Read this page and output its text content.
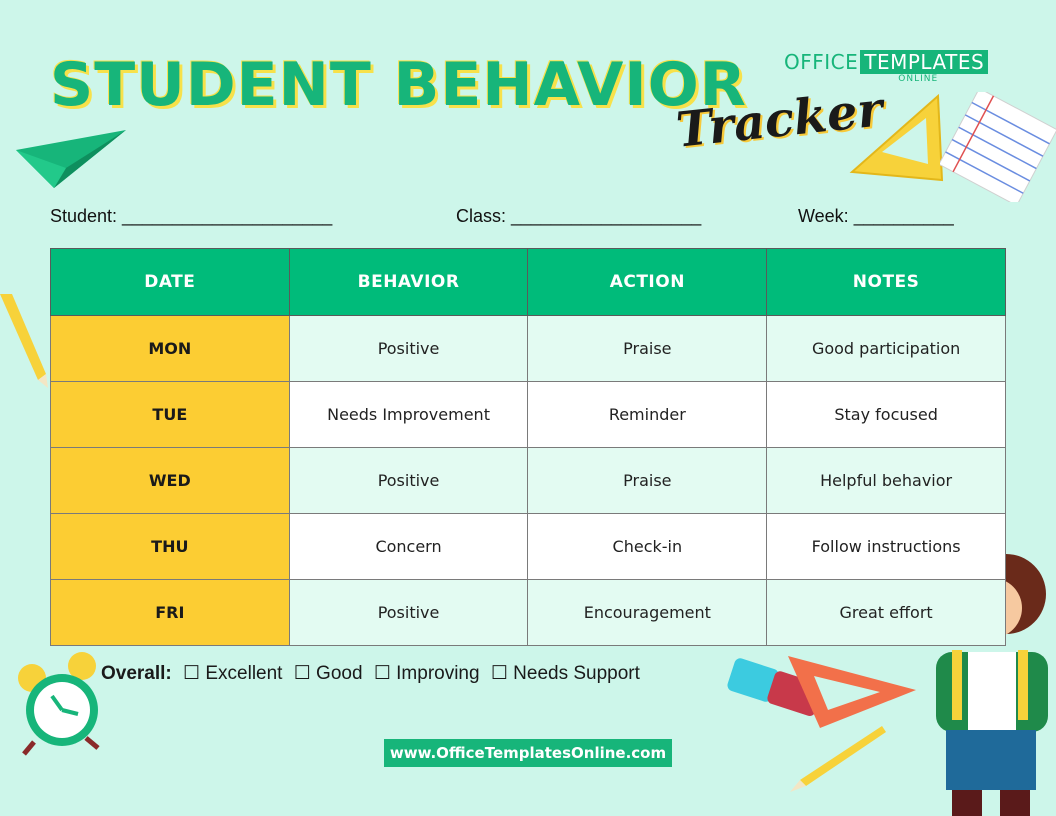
STUDENT BEHAVIOR
Tracker
OFFICE TEMPLATES
ONLINE
Student: _____________________	Class: ___________________	Week: __________
DATE	BEHAVIOR	ACTION	NOTES
MON	Positive	Praise	Good participation
TUE	Needs Improvement	Reminder	Stay focused
WED	Positive	Praise	Helpful behavior
THU	Concern	Check-in	Follow instructions
FRI	Positive	Encouragement	Great effort
Overall: ☐ Excellent ☐ Good ☐ Improving ☐ Needs Support
www.OfficeTemplatesOnline.com
